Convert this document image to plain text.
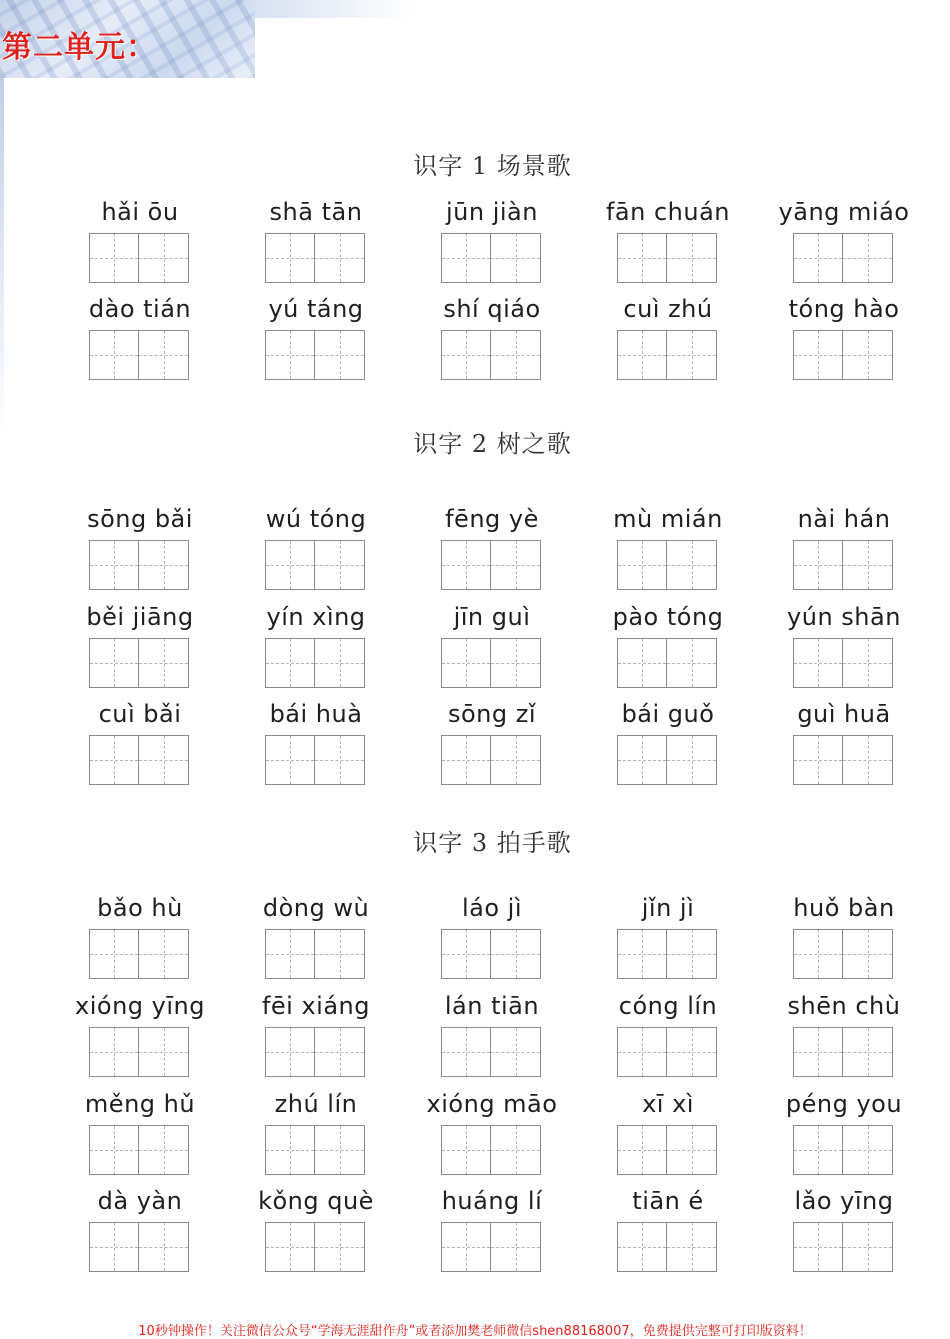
第二单元：
识字 1 场景歌
hǎi ōu	shā tān	jūn jiàn	fān chuán	yāng miáo
dào tián	yú táng	shí qiáo	cuì zhú	tóng hào
识字 2 树之歌
sōng bǎi	wú tóng	fēng yè	mù mián	nài hán
běi jiāng	yín xìng	jīn guì	pào tóng	yún shān
cuì bǎi	bái huà	sōng zǐ	bái guǒ	guì huā
识字 3 拍手歌
bǎo hù	dòng wù	láo jì	jǐn jì	huǒ bàn
xióng yīng	fēi xiáng	lán tiān	cóng lín	shēn chù
měng hǔ	zhú lín	xióng māo	xī xì	péng you
dà yàn	kǒng què	huáng lí	tiān é	lǎo yīng
10秒钟操作！关注微信公众号“学海无涯甜作舟”或者添加樊老师微信shen88168007，免费提供完整可打印版资料！
